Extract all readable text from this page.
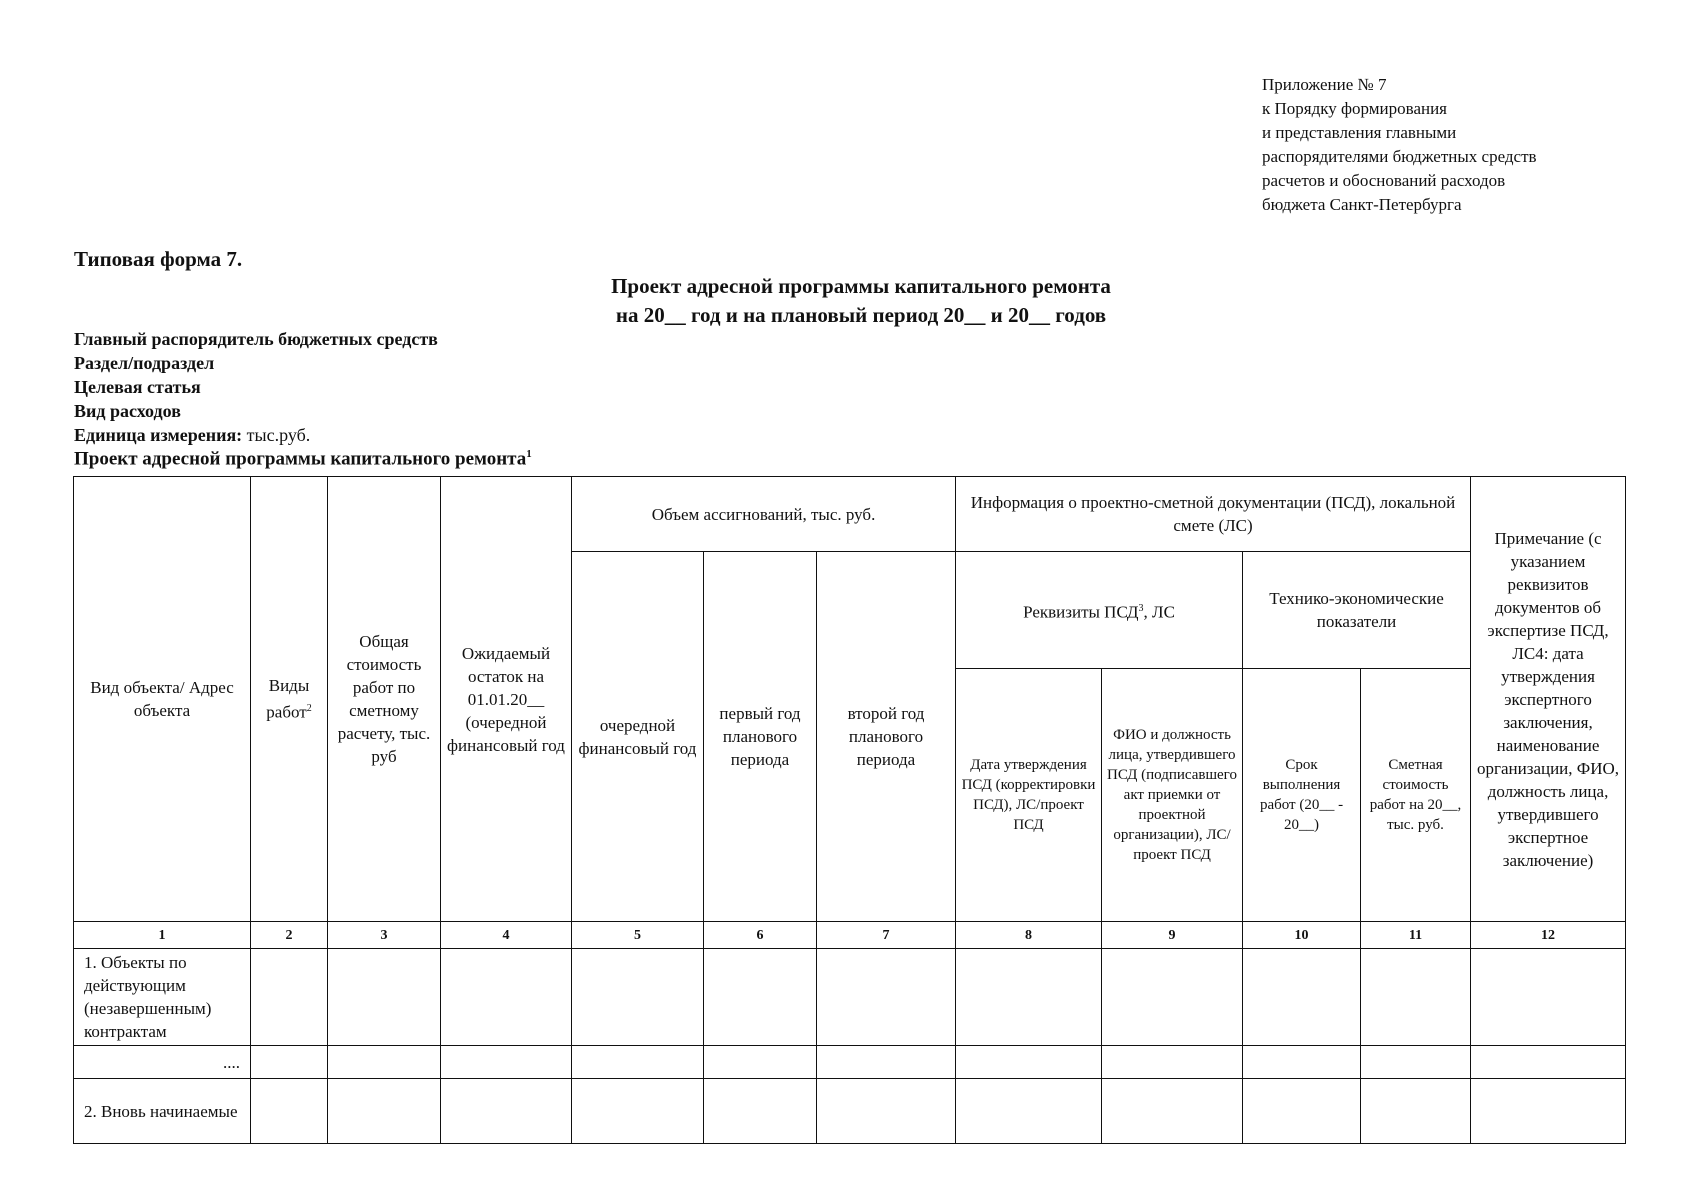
Приложение № 7
к Порядку формирования
и представления главными
распорядителями бюджетных средств
расчетов и обоснований расходов
бюджета Санкт-Петербурга
Типовая форма 7.
Проект адресной программы капитального ремонта
на 20__ год и на плановый период 20__ и 20__ годов
Главный распорядитель бюджетных средств
Раздел/подраздел
Целевая статья
Вид расходов
Единица измерения: тыс.руб.
Проект адресной программы капитального ремонта$^1$
Вид объекта/ Адрес объекта	Виды работ$^2$	Общая стоимость работ по сметному расчету, тыс. руб	Ожидаемый остаток на 01.01.20__ (очередной финансовый год	Объем ассигнований, тыс. руб.			Информация о проектно-сметной документации (ПСД), локальной смете (ЛС)				Примечание (с указанием реквизитов документов об экспертизе ПСД, ЛС4: дата утверждения экспертного заключения, наименование организации, ФИО, должность лица, утвердившего экспертное заключение)
				очередной финансовый год	первый год планового периода	второй год планового периода	Реквизиты ПСД$^3$, ЛС		Технико-экономические показатели		
							Дата утверждения ПСД (корректировки ПСД), ЛС/проект ПСД	ФИО и должность лица, утвердившего ПСД (подписавшего акт приемки от проектной организации), ЛС/проект ПСД	Срок выполнения работ (20__ - 20__)	Сметная стоимость работ на 20__, тыс. руб.	
1	2	3	4	5	6	7	8	9	10	11	12
1. Объекты по действующим (незавершенным) контрактам											
....											
2. Вновь начинаемые											
